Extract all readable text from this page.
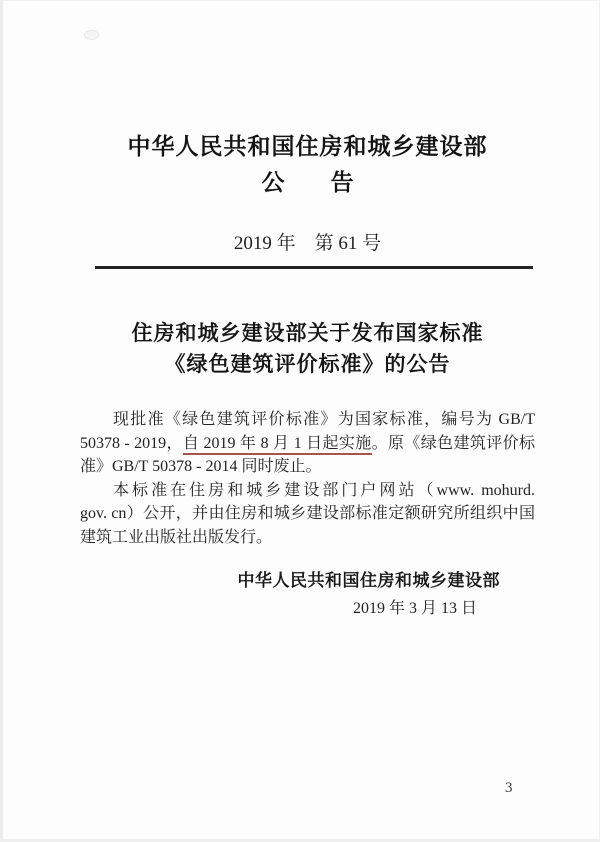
中华人民共和国住房和城乡建设部
公　　告
2019 年　第 61 号
住房和城乡建设部关于发布国家标准
《绿色建筑评价标准》的公告
现批准《绿色建筑评价标准》为国家标准，编号为 GB/T
50378 - 2019，自 2019 年 8 月 1 日起实施。原《绿色建筑评价标
准》GB/T 50378 - 2014 同时废止。
本标准在住房和城乡建设部门户网站（www. mohurd.
gov. cn）公开，并由住房和城乡建设部标准定额研究所组织中国
建筑工业出版社出版发行。
中华人民共和国住房和城乡建设部
2019 年 3 月 13 日
3
